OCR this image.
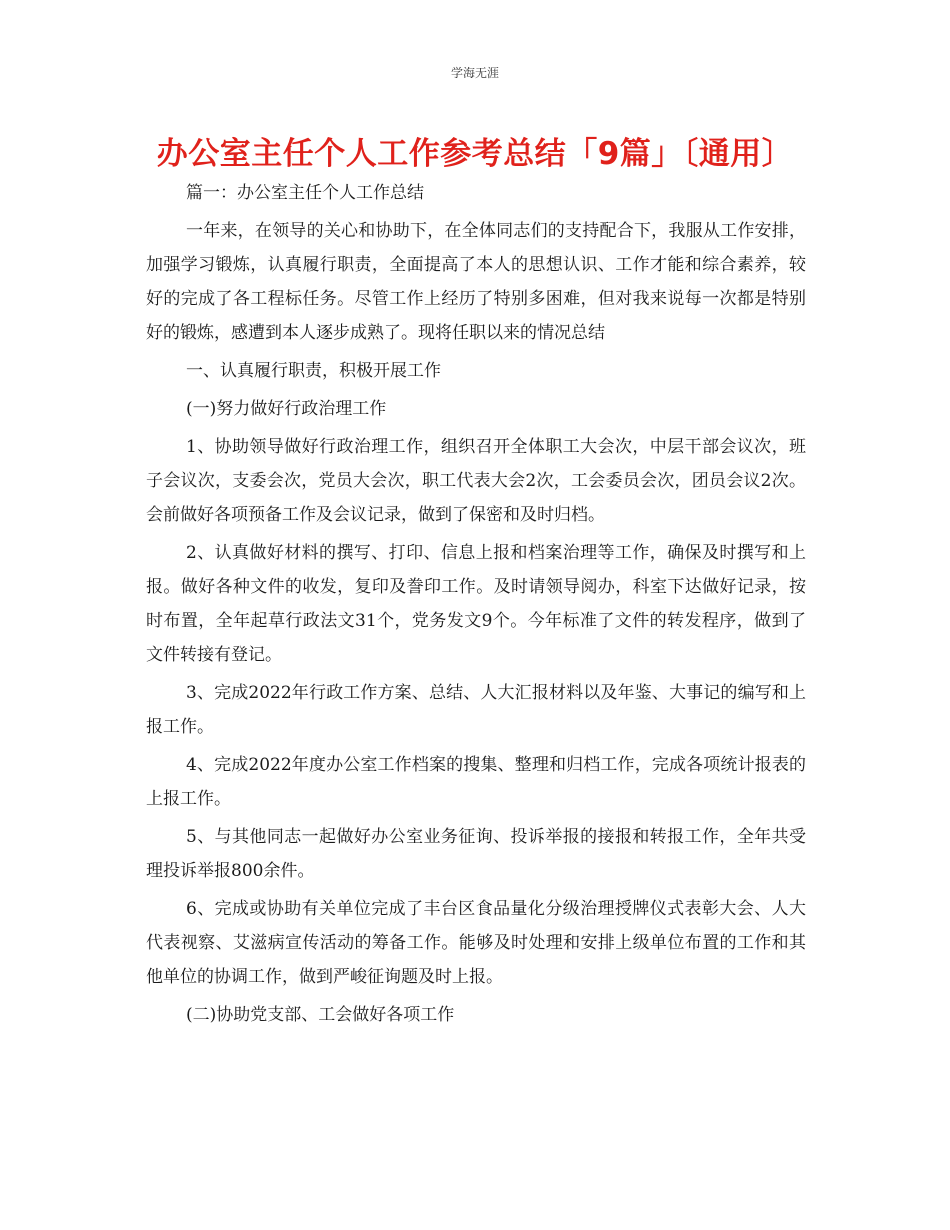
学海无涯
办公室主任个人工作参考总结「9篇」〔通用〕

篇一：办公室主任个人工作总结

一年来，在领导的关心和协助下，在全体同志们的支持配合下，我服从工作安排，加强学习锻炼，认真履行职责，全面提高了本人的思想认识、工作才能和综合素养，较好的完成了各工程标任务。尽管工作上经历了特别多困难，但对我来说每一次都是特别好的锻炼，感遭到本人逐步成熟了。现将任职以来的情况总结

一、认真履行职责，积极开展工作

(一)努力做好行政治理工作

1、协助领导做好行政治理工作，组织召开全体职工大会次，中层干部会议次，班子会议次，支委会次，党员大会次，职工代表大会2次，工会委员会次，团员会议2次。会前做好各项预备工作及会议记录，做到了保密和及时归档。

2、认真做好材料的撰写、打印、信息上报和档案治理等工作，确保及时撰写和上报。做好各种文件的收发，复印及誊印工作。及时请领导阅办，科室下达做好记录，按时布置，全年起草行政法文31个，党务发文9个。今年标准了文件的转发程序，做到了文件转接有登记。

3、完成2022年行政工作方案、总结、人大汇报材料以及年鉴、大事记的编写和上报工作。

4、完成2022年度办公室工作档案的搜集、整理和归档工作，完成各项统计报表的上报工作。

5、与其他同志一起做好办公室业务征询、投诉举报的接报和转报工作，全年共受理投诉举报800余件。

6、完成或协助有关单位完成了丰台区食品量化分级治理授牌仪式表彰大会、人大代表视察、艾滋病宣传活动的筹备工作。能够及时处理和安排上级单位布置的工作和其他单位的协调工作，做到严峻征询题及时上报。

(二)协助党支部、工会做好各项工作
